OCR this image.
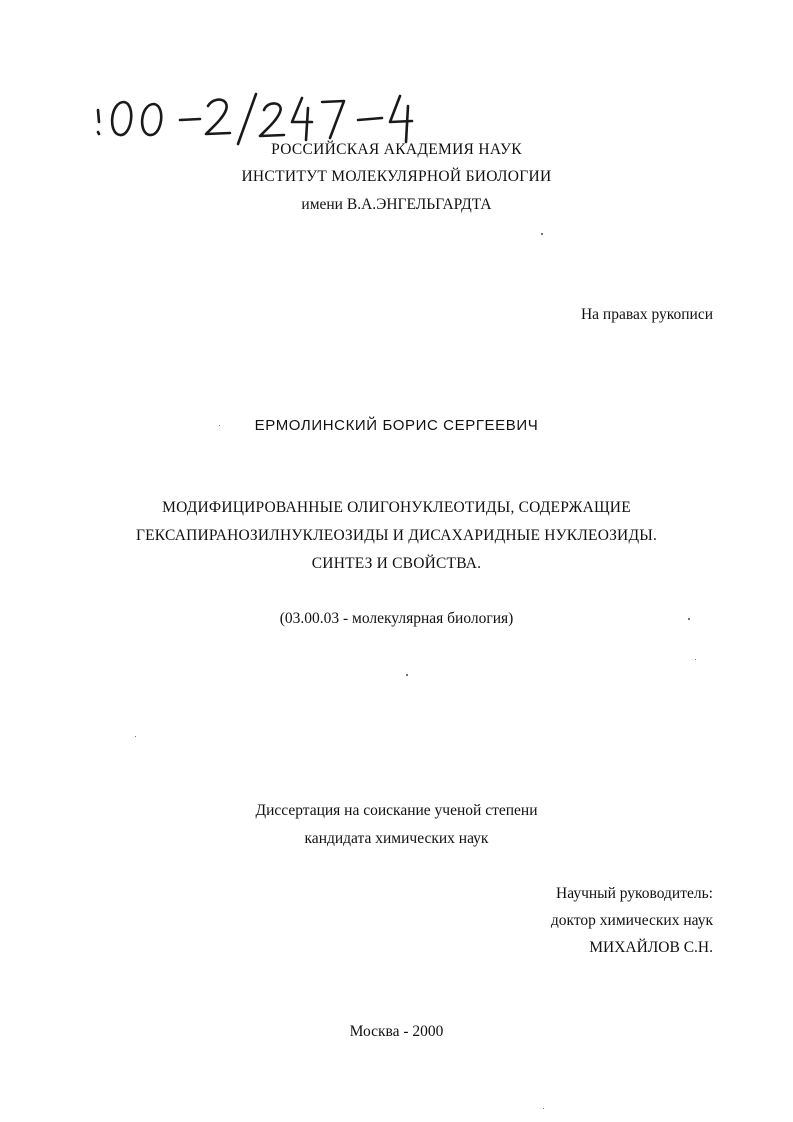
РОССИЙСКАЯ АКАДЕМИЯ НАУК
ИНСТИТУТ МОЛЕКУЛЯРНОЙ БИОЛОГИИ
имени В.А.ЭНГЕЛЬГАРДТА
На правах рукописи
ЕРМОЛИНСКИЙ БОРИС СЕРГЕЕВИЧ
МОДИФИЦИРОВАННЫЕ ОЛИГОНУКЛЕОТИДЫ, СОДЕРЖАЩИЕ
ГЕКСАПИРАНОЗИЛНУКЛЕОЗИДЫ И ДИСАХАРИДНЫЕ НУКЛЕОЗИДЫ.
СИНТЕЗ И СВОЙСТВА.
(03.00.03 - молекулярная биология)
Диссертация на соискание ученой степени
кандидата химических наук
Научный руководитель:
доктор химических наук
МИХАЙЛОВ С.Н.
Москва - 2000
